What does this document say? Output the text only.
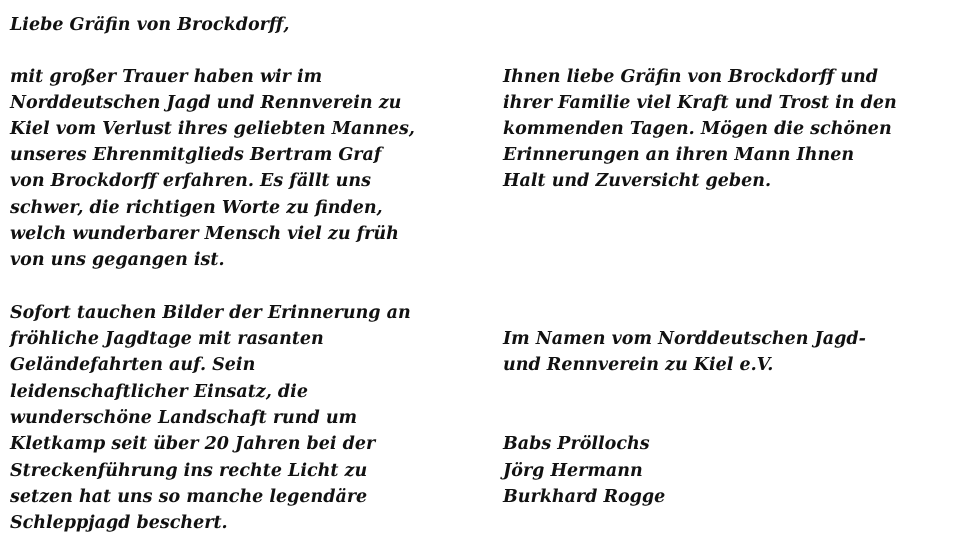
Liebe Gräfin von Brockdorff,
mit großer Trauer haben wir im
Norddeutschen Jagd und Rennverein zu
Kiel vom Verlust ihres geliebten Mannes,
unseres Ehrenmitglieds Bertram Graf
von Brockdorff erfahren. Es fällt uns
schwer, die richtigen Worte zu finden,
welch wunderbarer Mensch viel zu früh
von uns gegangen ist.
Sofort tauchen Bilder der Erinnerung an
fröhliche Jagdtage mit rasanten
Geländefahrten auf. Sein
leidenschaftlicher Einsatz, die
wunderschöne Landschaft rund um
Kletkamp seit über 20 Jahren bei der
Streckenführung ins rechte Licht zu
setzen hat uns so manche legendäre
Schleppjagd beschert.
Ihnen liebe Gräfin von Brockdorff und
ihrer Familie viel Kraft und Trost in den
kommenden Tagen. Mögen die schönen
Erinnerungen an ihren Mann Ihnen
Halt und Zuversicht geben.
Im Namen vom Norddeutschen Jagd-
und Rennverein zu Kiel e.V.
Babs Pröllochs
Jörg Hermann
Burkhard Rogge
